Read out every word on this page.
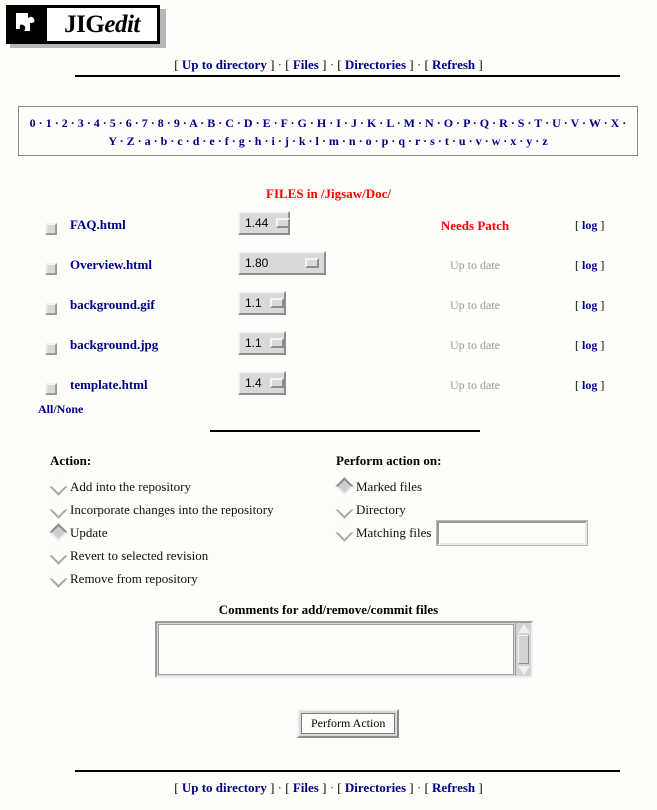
JIG edit
[ Up to directory ] · [ Files ] · [ Directories ] · [ Refresh ]
0 · 1 · 2 · 3 · 4 · 5 · 6 · 7 · 8 · 9 · A · B · C · D · E · F · G · H · I · J · K · L · M · N · O · P · Q · R · S · T · U · V · W · X ·
Y · Z · a · b · c · d · e · f · g · h · i · j · k · l · m · n · o · p · q · r · s · t · u · v · w · x · y · z
FILES in /Jigsaw/Doc/
FAQ.html	1.44	Needs Patch	[ log ]
Overview.html	1.80	Up to date	[ log ]
background.gif	1.1	Up to date	[ log ]
background.jpg	1.1	Up to date	[ log ]
template.html	1.4	Up to date	[ log ]
All/None
Action:
Add into the repository
Incorporate changes into the repository
Update
Revert to selected revision
Remove from repository
Perform action on:
Marked files
Directory
Matching files
Comments for add/remove/commit files
Perform Action
[ Up to directory ] · [ Files ] · [ Directories ] · [ Refresh ]
